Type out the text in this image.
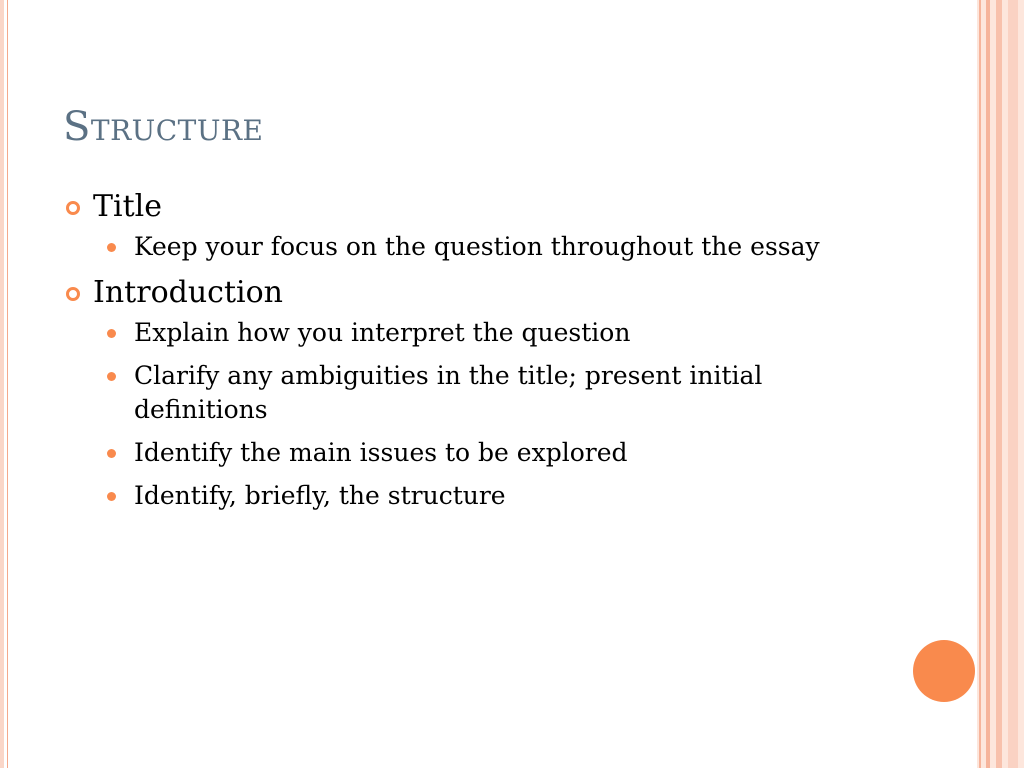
Structure
Title
Keep your focus on the question throughout the essay
Introduction
Explain how you interpret the question
Clarify any ambiguities in the title; present initial definitions
Identify the main issues to be explored
Identify, briefly, the structure
